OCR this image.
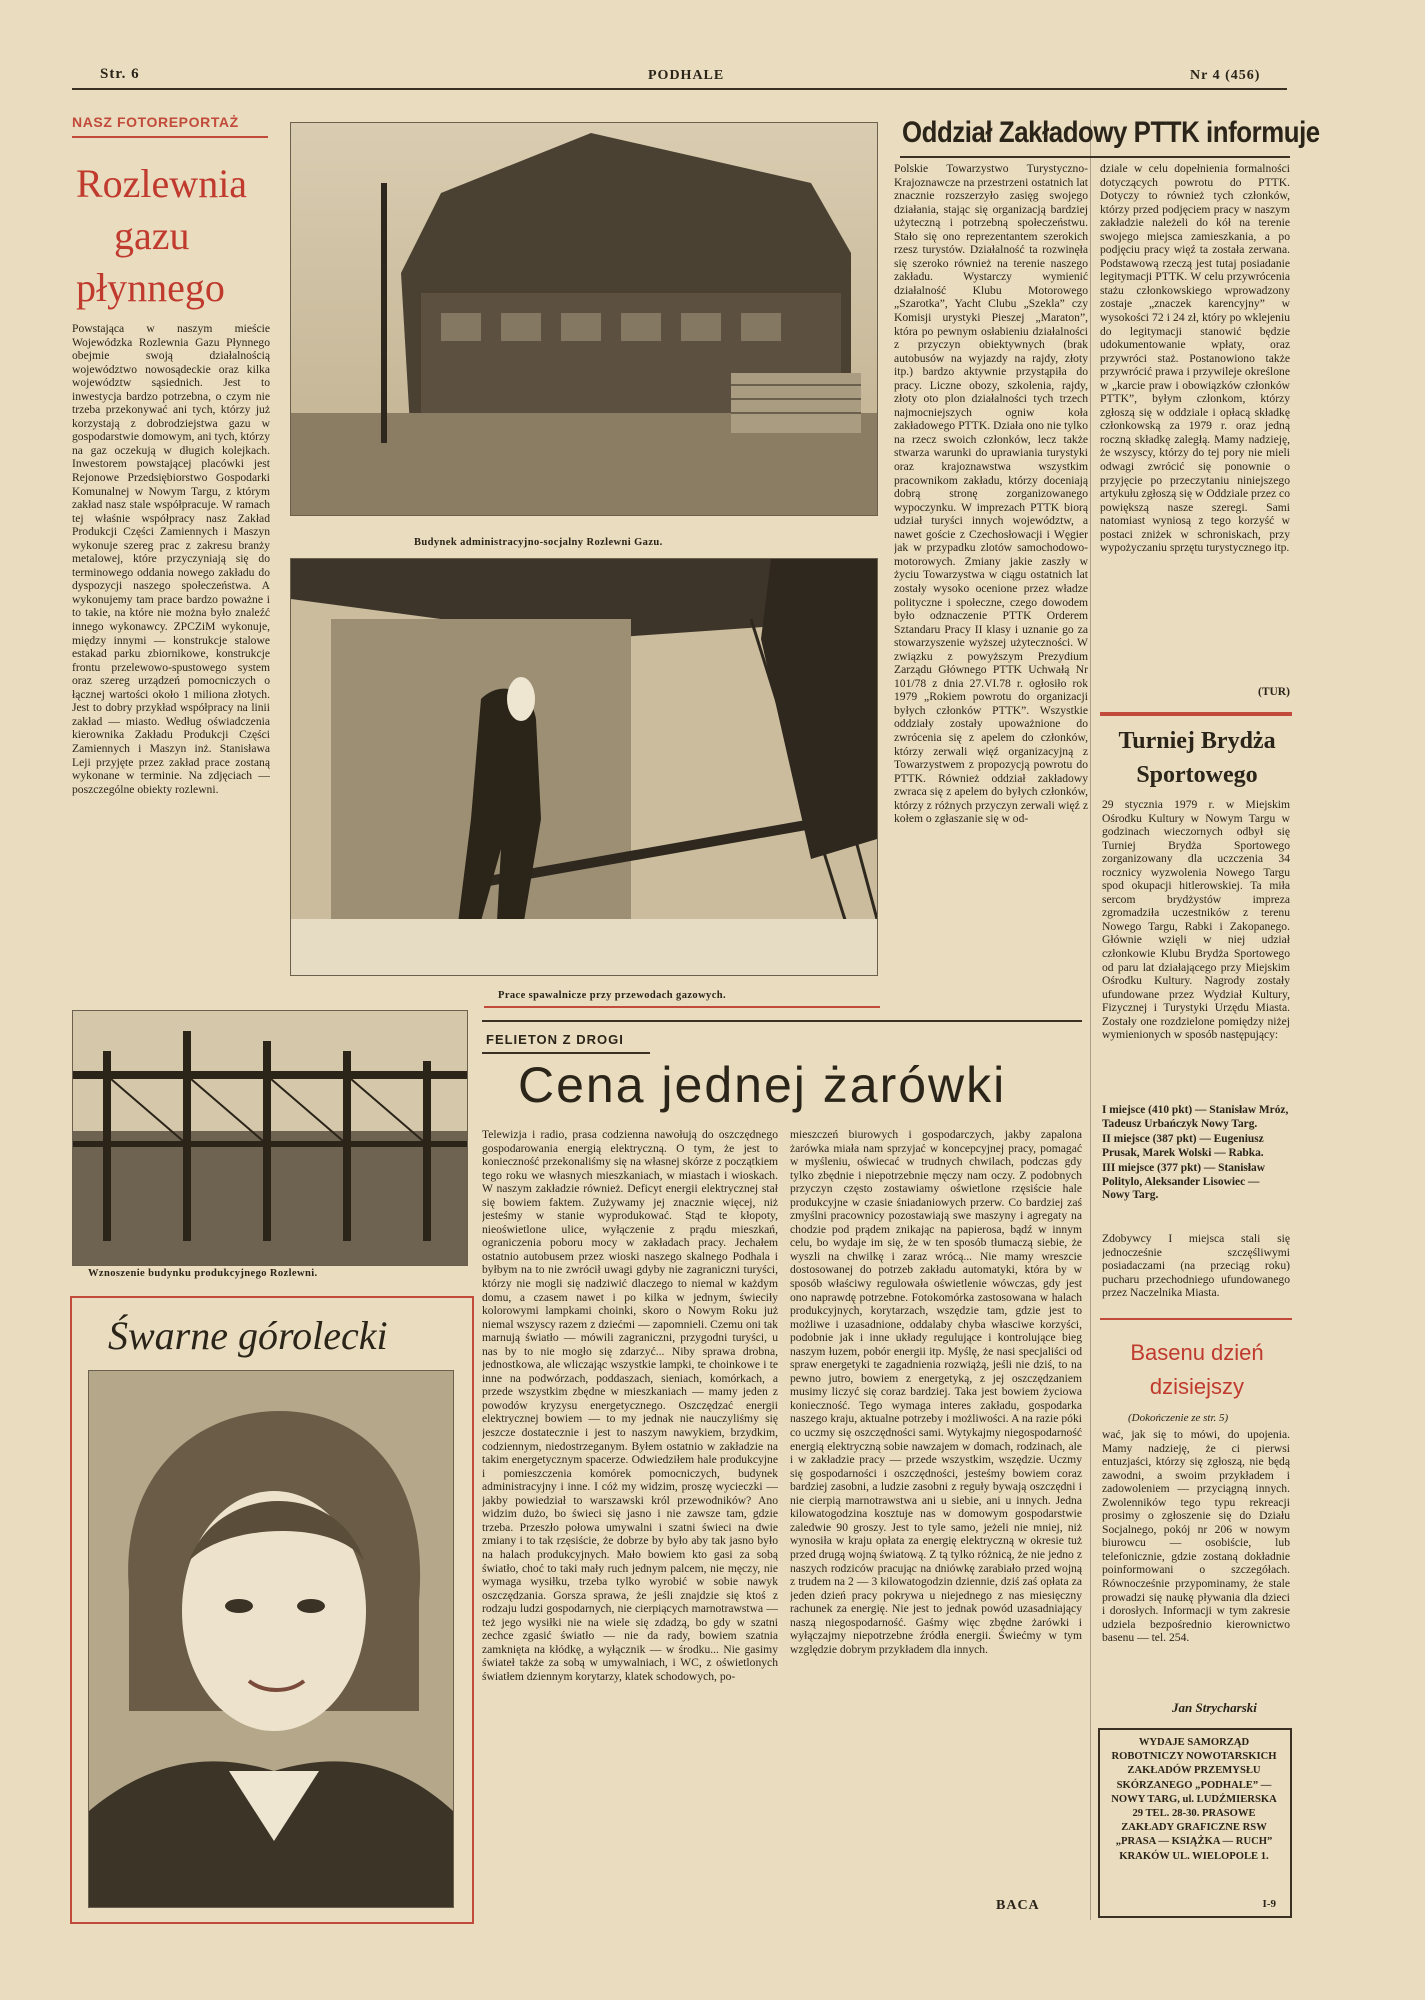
Str. 6	PODHALE	Nr 4 (456)
NASZ FOTOREPORTAŻ
Rozlewnia
gazu
płynnego
Powstająca w naszym mieście Wojewódzka Rozlewnia Gazu Płynnego obejmie swoją działalnością województwo nowosądeckie oraz kilka województw sąsiednich. Jest to inwestycja bardzo potrzebna, o czym nie trzeba przekonywać ani tych, którzy już korzystają z dobrodziejstwa gazu w gospodarstwie domowym, ani tych, którzy na gaz oczekują w długich kolejkach. Inwestorem powstającej placówki jest Rejonowe Przedsiębiorstwo Gospodarki Komunalnej w Nowym Targu, z którym zakład nasz stale współpracuje. W ramach tej właśnie współpracy nasz Zakład Produkcji Części Zamiennych i Maszyn wykonuje szereg prac z zakresu branży metalowej, które przyczyniają się do terminowego oddania nowego zakładu do dyspozycji naszego społeczeństwa. A wykonujemy tam prace bardzo poważne i to takie, na które nie można było znaleźć innego wykonawcy. ZPCZiM wykonuje, między innymi — konstrukcje stalowe estakad parku zbiornikowe, konstrukcje frontu przelewowo-spustowego system oraz szereg urządzeń pomocniczych o łącznej wartości około 1 miliona złotych. Jest to dobry przykład współpracy na linii zakład — miasto. Według oświadczenia kierownika Zakładu Produkcji Części Zamiennych i Maszyn inż. Stanisława Leji przyjęte przez zakład prace zostaną wykonane w terminie. Na zdjęciach — poszczególne obiekty rozlewni.
Budynek administracyjno-socjalny Rozlewni Gazu.
Prace spawalnicze przy przewodach gazowych.
Wznoszenie budynku produkcyjnego Rozlewni.
Śwarne górolecki
Oddział Zakładowy PTTK informuje
Polskie Towarzystwo Turystyczno-Krajoznawcze na przestrzeni ostatnich lat znacznie rozszerzyło zasięg swojego działania, stając się organizacją bardziej użyteczną i potrzebną społeczeństwu. Stało się ono reprezentantem szerokich rzesz turystów. Działalność ta rozwinęła się szeroko również na terenie naszego zakładu. Wystarczy wymienić działalność Klubu Motorowego „Szarotka”, Yacht Clubu „Szekla” czy Komisji urystyki Pieszej „Maraton”, która po pewnym osłabieniu działalności z przyczyn obiektywnych (brak autobusów na wyjazdy na rajdy, złoty itp.) bardzo aktywnie przystąpiła do pracy. Liczne obozy, szkolenia, rajdy, złoty oto plon działalności tych trzech najmocniejszych ogniw koła zakładowego PTTK. Działa ono nie tylko na rzecz swoich członków, lecz także stwarza warunki do uprawiania turystyki oraz krajoznawstwa wszystkim pracownikom zakładu, którzy doceniają dobrą stronę zorganizowanego wypoczynku. W imprezach PTTK biorą udział turyści innych województw, a nawet goście z Czechosłowacji i Węgier jak w przypadku zlotów samochodowo-motorowych. Zmiany jakie zaszły w życiu Towarzystwa w ciągu ostatnich lat zostały wysoko ocenione przez władze polityczne i społeczne, czego dowodem było odznaczenie PTTK Orderem Sztandaru Pracy II klasy i uznanie go za stowarzyszenie wyższej użyteczności. W związku z powyższym Prezydium Zarządu Głównego PTTK Uchwałą Nr 101/78 z dnia 27.VI.78 r. ogłosiło rok 1979 „Rokiem powrotu do organizacji byłych członków PTTK”. Wszystkie oddziały zostały upoważnione do zwrócenia się z apelem do członków, którzy zerwali więź organizacyjną z Towarzystwem z propozycją powrotu do PTTK. Również oddział zakładowy zwraca się z apelem do byłych członków, którzy z różnych przyczyn zerwali więź z kołem o zgłaszanie się w od-
dziale w celu dopełnienia formalności dotyczących powrotu do PTTK. Dotyczy to również tych członków, którzy przed podjęciem pracy w naszym zakładzie należeli do kół na terenie swojego miejsca zamieszkania, a po podjęciu pracy więź ta została zerwana. Podstawową rzeczą jest tutaj posiadanie legitymacji PTTK. W celu przywrócenia stażu członkowskiego wprowadzony zostaje „znaczek karencyjny” w wysokości 72 i 24 zł, który po wklejeniu do legitymacji stanowić będzie udokumentowanie wpłaty, oraz przywróci staż. Postanowiono także przywrócić prawa i przywileje określone w „karcie praw i obowiązków członków PTTK”, byłym członkom, którzy zgłoszą się w oddziale i opłacą składkę członkowską za 1979 r. oraz jedną roczną składkę zaległą. Mamy nadzieję, że wszyscy, którzy do tej pory nie mieli odwagi zwrócić się ponownie o przyjęcie po przeczytaniu niniejszego artykułu zgłoszą się w Oddziale przez co powiększą nasze szeregi. Sami natomiast wyniosą z tego korzyść w postaci zniżek w schroniskach, przy wypożyczaniu sprzętu turystycznego itp.
(TUR)
Turniej Brydża
Sportowego
29 stycznia 1979 r. w Miejskim Ośrodku Kultury w Nowym Targu w godzinach wieczornych odbył się Turniej Brydża Sportowego zorganizowany dla uczczenia 34 rocznicy wyzwolenia Nowego Targu spod okupacji hitlerowskiej. Ta miła sercom brydżystów impreza zgromadziła uczestników z terenu Nowego Targu, Rabki i Zakopanego. Głównie wzięli w niej udział członkowie Klubu Brydża Sportowego od paru lat działającego przy Miejskim Ośrodku Kultury. Nagrody zostały ufundowane przez Wydział Kultury, Fizycznej i Turystyki Urzędu Miasta. Zostały one rozdzielone pomiędzy niżej wymienionych w sposób następujący:
I miejsce (410 pkt) — Stanisław Mróz, Tadeusz Urbańczyk Nowy Targ.
II miejsce (387 pkt) — Eugeniusz Prusak, Marek Wolski — Rabka.
III miejsce (377 pkt) — Stanisław Politylo, Aleksander Lisowiec — Nowy Targ.
Zdobywcy I miejsca stali się jednocześnie szczęśliwymi posiadaczami (na przeciąg roku) pucharu przechodniego ufundowanego przez Naczelnika Miasta.
Basenu dzień
dzisiejszy
(Dokończenie ze str. 5)
wać, jak się to mówi, do upojenia. Mamy nadzieję, że ci pierwsi entuzjaści, którzy się zgłoszą, nie będą zawodni, a swoim przykładem i zadowoleniem — przyciągną innych. Zwolenników tego typu rekreacji prosimy o zgłoszenie się do Działu Socjalnego, pokój nr 206 w nowym biurowcu — osobiście, lub telefonicznie, gdzie zostaną dokładnie poinformowani o szczegółach. Równocześnie przypominamy, że stale prowadzi się naukę pływania dla dzieci i dorosłych. Informacji w tym zakresie udziela bezpośrednio kierownictwo basenu — tel. 254.
Jan Strycharski
WYDAJE SAMORZĄD ROBOTNICZY NOWOTARSKICH ZAKŁADÓW PRZEMYSŁU SKÓRZANEGO „PODHALE” — NOWY TARG, ul. LUDŹMIERSKA 29 TEL. 28-30. PRASOWE ZAKŁADY GRAFICZNE RSW „PRASA — KSIĄŻKA — RUCH” KRAKÓW UL. WIELOPOLE 1.
I-9
FELIETON Z DROGI
Cena jednej żarówki
Telewizja i radio, prasa codzienna nawołują do oszczędnego gospodarowania energią elektryczną. O tym, że jest to konieczność przekonaliśmy się na własnej skórze z początkiem tego roku we własnych mieszkaniach, w miastach i wioskach. W naszym zakładzie również. Deficyt energii elektrycznej stał się bowiem faktem. Zużywamy jej znacznie więcej, niż jesteśmy w stanie wyprodukować. Stąd te kłopoty, nieoświetlone ulice, wyłączenie z prądu mieszkań, ograniczenia poboru mocy w zakładach pracy. Jechałem ostatnio autobusem przez wioski naszego skalnego Podhala i byłbym na to nie zwrócił uwagi gdyby nie zagraniczni turyści, którzy nie mogli się nadziwić dlaczego to niemal w każdym domu, a czasem nawet i po kilka w jednym, świeciły kolorowymi lampkami choinki, skoro o Nowym Roku już niemal wszyscy razem z dziećmi — zapomnieli. Czemu oni tak marnują światło — mówili zagraniczni, przygodni turyści, u nas by to nie mogło się zdarzyć... Niby sprawa drobna, jednostkowa, ale wliczając wszystkie lampki, te choinkowe i te inne na podwórzach, poddaszach, sieniach, komórkach, a przede wszystkim zbędne w mieszkaniach — mamy jeden z powodów kryzysu energetycznego. Oszczędzać energii elektrycznej bowiem — to my jednak nie nauczyliśmy się jeszcze dostatecznie i jest to naszym nawykiem, brzydkim, codziennym, niedostrzeganym. Byłem ostatnio w zakładzie na takim energetycznym spacerze. Odwiedziłem hale produkcyjne i pomieszczenia komórek pomocniczych, budynek administracyjny i inne. I cóż my widzim, proszę wycieczki — jakby powiedział to warszawski król przewodników? Ano widzim dużo, bo świeci się jasno i nie zawsze tam, gdzie trzeba. Przeszło połowa umywalni i szatni świeci na dwie zmiany i to tak rzęsiście, że dobrze by było aby tak jasno było na halach produkcyjnych. Mało bowiem kto gasi za sobą światło, choć to taki mały ruch jednym palcem, nie męczy, nie wymaga wysiłku, trzeba tylko wyrobić w sobie nawyk oszczędzania. Gorsza sprawa, że jeśli znajdzie się ktoś z rodzaju ludzi gospodarnych, nie cierpiących marnotrawstwa — też jego wysiłki nie na wiele się zdadzą, bo gdy w szatni zechce zgasić światło — nie da rady, bowiem szatnia zamknięta na kłódkę, a wyłącznik — w środku... Nie gasimy świateł także za sobą w umywalniach, i WC, z oświetlonych światłem dziennym korytarzy, klatek schodowych, po-
mieszczeń biurowych i gospodarczych, jakby zapalona żarówka miała nam sprzyjać w koncepcyjnej pracy, pomagać w myśleniu, oświecać w trudnych chwilach, podczas gdy tylko zbędnie i niepotrzebnie męczy nam oczy. Z podobnych przyczyn często zostawiamy oświetlone rzęsiście hale produkcyjne w czasie śniadaniowych przerw. Co bardziej zaś zmyślni pracownicy pozostawiają swe maszyny i agregaty na chodzie pod prądem znikając na papierosa, bądź w innym celu, bo wydaje im się, że w ten sposób tłumaczą siebie, że wyszli na chwilkę i zaraz wrócą... Nie mamy wreszcie dostosowanej do potrzeb zakładu automatyki, która by w sposób właściwy regulowała oświetlenie wówczas, gdy jest ono naprawdę potrzebne. Fotokomórka zastosowana w halach produkcyjnych, korytarzach, wszędzie tam, gdzie jest to możliwe i uzasadnione, oddalaby chyba własciwe korzyści, podobnie jak i inne układy regulujące i kontrolujące bieg naszym łuzem, pobór energii itp. Myślę, że nasi specjaliści od spraw energetyki te zagadnienia rozwiążą, jeśli nie dziś, to na pewno jutro, bowiem z energetyką, z jej oszczędzaniem musimy liczyć się coraz bardziej. Taka jest bowiem życiowa konieczność. Tego wymaga interes zakładu, gospodarka naszego kraju, aktualne potrzeby i możliwości. A na razie póki co uczmy się oszczędności sami. Wytykajmy niegospodarność energią elektryczną sobie nawzajem w domach, rodzinach, ale i w zakładzie pracy — przede wszystkim, wszędzie. Uczmy się gospodarności i oszczędności, jesteśmy bowiem coraz bardziej zasobni, a ludzie zasobni z reguły bywają oszczędni i nie cierpią marnotrawstwa ani u siebie, ani u innych. Jedna kilowatogodzina kosztuje nas w domowym gospodarstwie zaledwie 90 groszy. Jest to tyle samo, jeżeli nie mniej, niż wynosiła w kraju opłata za energię elektryczną w okresie tuż przed drugą wojną światową. Z tą tylko różnicą, że nie jedno z naszych rodziców pracując na dniówkę zarabiało przed wojną z trudem na 2 — 3 kilowatogodzin dziennie, dziś zaś opłata za jeden dzień pracy pokrywa u niejednego z nas miesięczny rachunek za energię. Nie jest to jednak powód uzasadniający naszą niegospodarność. Gaśmy więc zbędne żarówki i wyłączajmy niepotrzebne źródła energii. Świećmy w tym względzie dobrym przykładem dla innych.
BACA
